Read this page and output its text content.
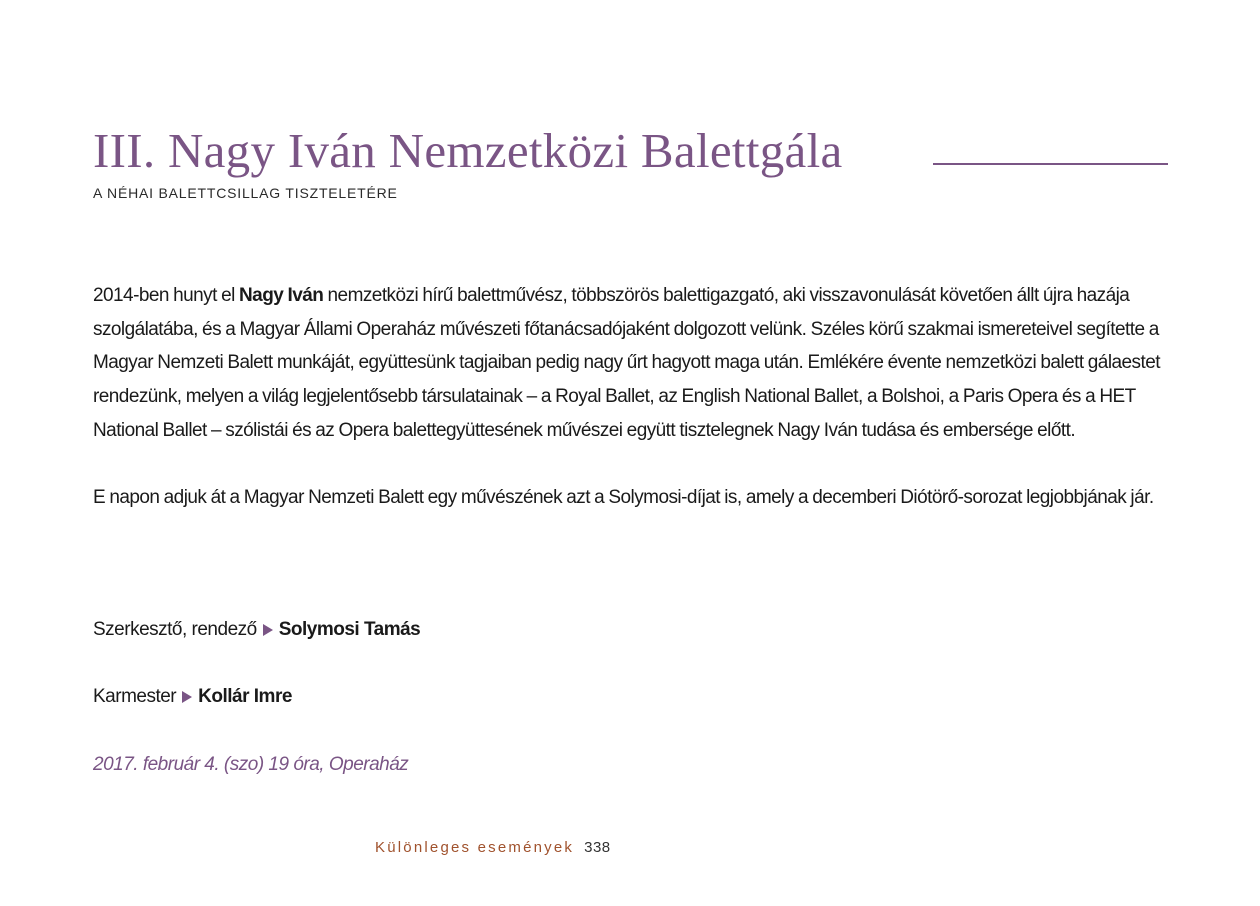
III. Nagy Iván Nemzetközi Balettgála
A NÉHAI BALETTCSILLAG TISZTELETÉRE

2014-ben hunyt el Nagy Iván nemzetközi hírű balettművész, többszörös balettigazgató, aki visszavonulását követően állt újra hazája szolgálatába, és a Magyar Állami Operaház művészeti főtanácsadójaként dolgozott velünk. Széles körű szakmai ismereteivel segítette a Magyar Nemzeti Balett munkáját, együttesünk tagjaiban pedig nagy űrt hagyott maga után. Emlékére évente nemzetközi balett gálaestet rendezünk, melyen a világ legjelentősebb társulatainak – a Royal Ballet, az English National Ballet, a Bolshoi, a Paris Opera és a HET National Ballet – szólistái és az Opera balettegyüttesének művészei együtt tisztelegnek Nagy Iván tudása és embersége előtt.

E napon adjuk át a Magyar Nemzeti Balett egy művészének azt a Solymosi-díjat is, amely a decemberi Diótörő-sorozat legjobbjának jár.

Szerkesztő, rendező Solymosi Tamás
Karmester Kollár Imre
2017. február 4. (szo) 19 óra, Operaház
Különleges események 338
